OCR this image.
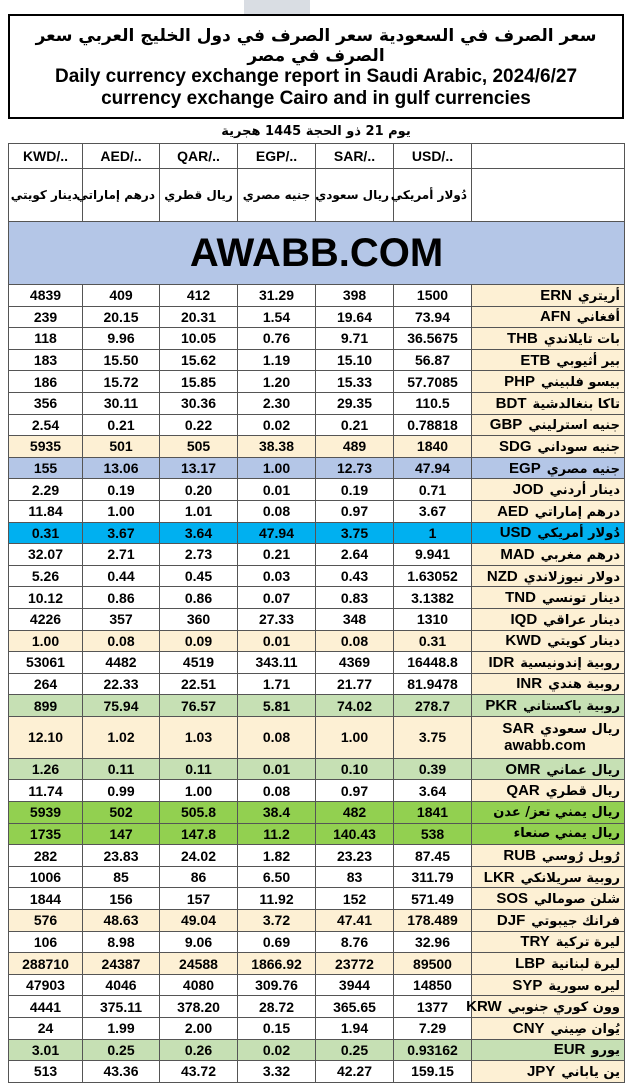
سعر الصرف في السعودية سعر الصرف في دول الخليج العربي سعر الصرف في مصر
Daily currency exchange report in Saudi Arabic, 2024/6/27
currency exchange Cairo and in gulf currencies
يوم 21 ذو الحجة 1445 هجرية
KWD/..	AED/..	QAR/..	EGP/..	SAR/..	USD/..	
دينار كويتي	درهم إماراتي	ريال قطري	جنيه مصري	ريال سعودي	دُولار أمريكي	
AWABB.COM						
4839	409	412	31.29	398	1500	أريتريERN
239	20.15	20.31	1.54	19.64	73.94	أفغانيAFN
118	9.96	10.05	0.76	9.71	36.5675	بات تايلانديTHB
183	15.50	15.62	1.19	15.10	56.87	بير أثيوبيETB
186	15.72	15.85	1.20	15.33	57.7085	بيسو فلبينيPHP
356	30.11	30.36	2.30	29.35	110.5	تاكا بنغالدشيةBDT
2.54	0.21	0.22	0.02	0.21	0.78818	جنيه استرلينيGBP
5935	501	505	38.38	489	1840	جنيه سودانيSDG
155	13.06	13.17	1.00	12.73	47.94	جنيه مصريEGP
2.29	0.19	0.20	0.01	0.19	0.71	دينار أردنيJOD
11.84	1.00	1.01	0.08	0.97	3.67	درهم إماراتيAED
0.31	3.67	3.64	47.94	3.75	1	دُولار أمريكيUSD
32.07	2.71	2.73	0.21	2.64	9.941	درهم مغربيMAD
5.26	0.44	0.45	0.03	0.43	1.63052	دولار نيوزلانديNZD
10.12	0.86	0.86	0.07	0.83	3.1382	دينار تونسيTND
4226	357	360	27.33	348	1310	دينار عراقيIQD
1.00	0.08	0.09	0.01	0.08	0.31	دينار كويتيKWD
53061	4482	4519	343.11	4369	16448.8	روبية إندونيسيةIDR
264	22.33	22.51	1.71	21.77	81.9478	روبية هنديINR
899	75.94	76.57	5.81	74.02	278.7	روبية باكستانيPKR
12.10	1.02	1.03	0.08	1.00	3.75	ريال سعوديSAR
awabb.com

1.26	0.11	0.11	0.01	0.10	0.39	ريال عمانيOMR
11.74	0.99	1.00	0.08	0.97	3.64	ريال قطريQAR
5939	502	505.8	38.4	482	1841	ريال يمني تعز/ عدن
1735	147	147.8	11.2	140.43	538	ريال يمني صنعاء
282	23.83	24.02	1.82	23.23	87.45	رُوبل رُوسيRUB
1006	85	86	6.50	83	311.79	روبية سريلانكيLKR
1844	156	157	11.92	152	571.49	شلن صوماليSOS
576	48.63	49.04	3.72	47.41	178.489	فرانك جيبوتيDJF
106	8.98	9.06	0.69	8.76	32.96	ليرة تركيةTRY
288710	24387	24588	1866.92	23772	89500	ليرة لبنانيةLBP
47903	4046	4080	309.76	3944	14850	ليره سوريةSYP
4441	375.11	378.20	28.72	365.65	1377	وون كوري جنوبيKRW
24	1.99	2.00	0.15	1.94	7.29	يُوان صِينيCNY
3.01	0.25	0.26	0.02	0.25	0.93162	يوروEUR
513	43.36	43.72	3.32	42.27	159.15	ين يابانيJPY
